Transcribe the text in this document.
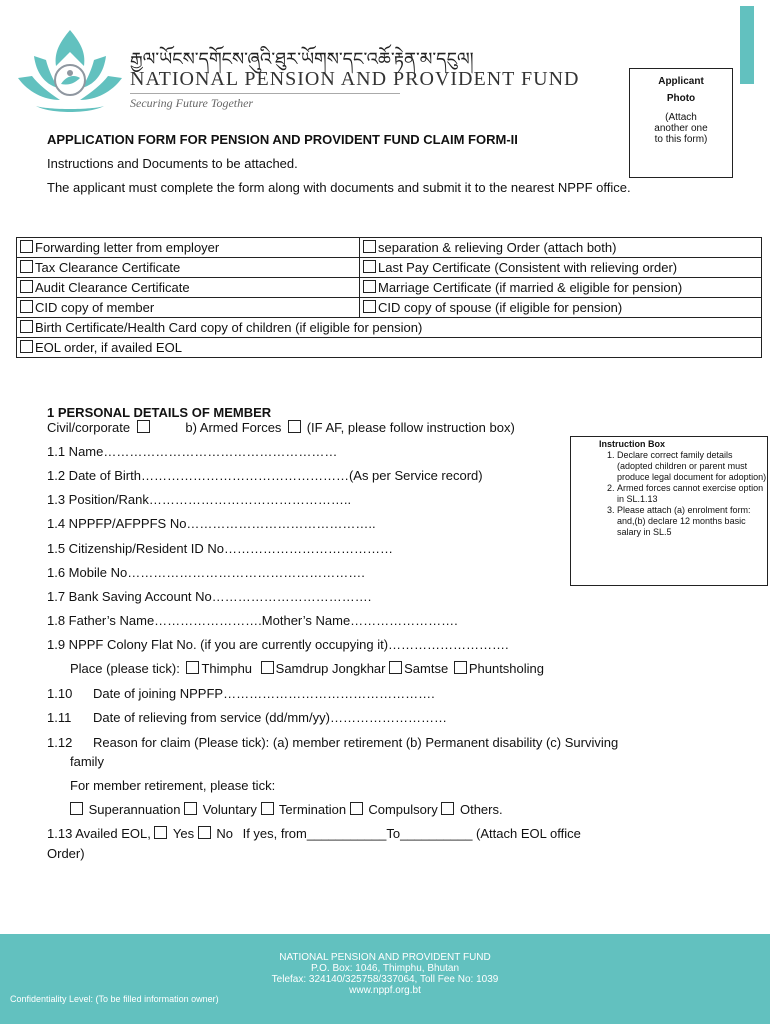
རྒྱལ་ཡོངས་དགོངས་ཞུའི་ཐུར་ཡོགས་དང་འཆོ་རྟེན་མ་དངུལ།
NATIONAL PENSION AND PROVIDENT FUND
Securing Future Together
Applicant
Photo
(Attach
another one
to this form)
APPLICATION FORM FOR PENSION AND PROVIDENT FUND CLAIM FORM-II
Instructions and Documents to be attached.
The applicant must complete the form along with documents and submit it to the nearest NPPF office.
Forwarding letter from employer	separation & relieving Order (attach both)
Tax Clearance Certificate	Last Pay Certificate (Consistent with relieving order)
Audit Clearance Certificate	Marriage Certificate (if married & eligible for pension)
CID copy of member	CID copy of spouse (if eligible for pension)
Birth Certificate/Health Card copy of children (if eligible for pension)	
EOL order, if availed EOL	
1 PERSONAL DETAILS OF MEMBER
Civil/corporate	b) Armed Forces (IF AF, please follow instruction box)
Instruction Box
1. Declare correct family details (adopted children or parent must produce legal document for adoption)
2. Armed forces cannot exercise option in SL.1.13
3. Please attach (a) enrolment form: and,(b) declare 12 months basic salary in SL.5
1.1 Name………………………………………………
1.2 Date of Birth…………………………………………(As per Service record)
1.3 Position/Rank………………………………………..
1.4 NPPFP/AFPPFS No……………………………………..
1.5 Citizenship/Resident ID No…………………………………
1.6 Mobile No……………………………………………….
1.7 Bank Saving Account No……………………………….
1.8 Father’s Name…………………….Mother’s Name…………………….
1.9 NPPF Colony Flat No. (if you are currently occupying it)……………………….
Place (please tick): Thimphu Samdrup Jongkhar Samtse Phuntsholing
1.10 Date of joining NPPFP………………………………………….
1.11 Date of relieving from service (dd/mm/yy)………………………
1.12 Reason for claim (Please tick): (a) member retirement (b) Permanent disability (c) Surviving
family
For member retirement, please tick:
Superannuation Voluntary Termination Compulsory Others.
1.13 Availed EOL, Yes No If yes, from___________To__________ (Attach EOL office
Order)
NATIONAL PENSION AND PROVIDENT FUND
P.O. Box: 1046, Thimphu, Bhutan
Telefax: 324140/325758/337064, Toll Fee No: 1039
www.nppf.org.bt
Confidentiality Level: (To be filled information owner)
